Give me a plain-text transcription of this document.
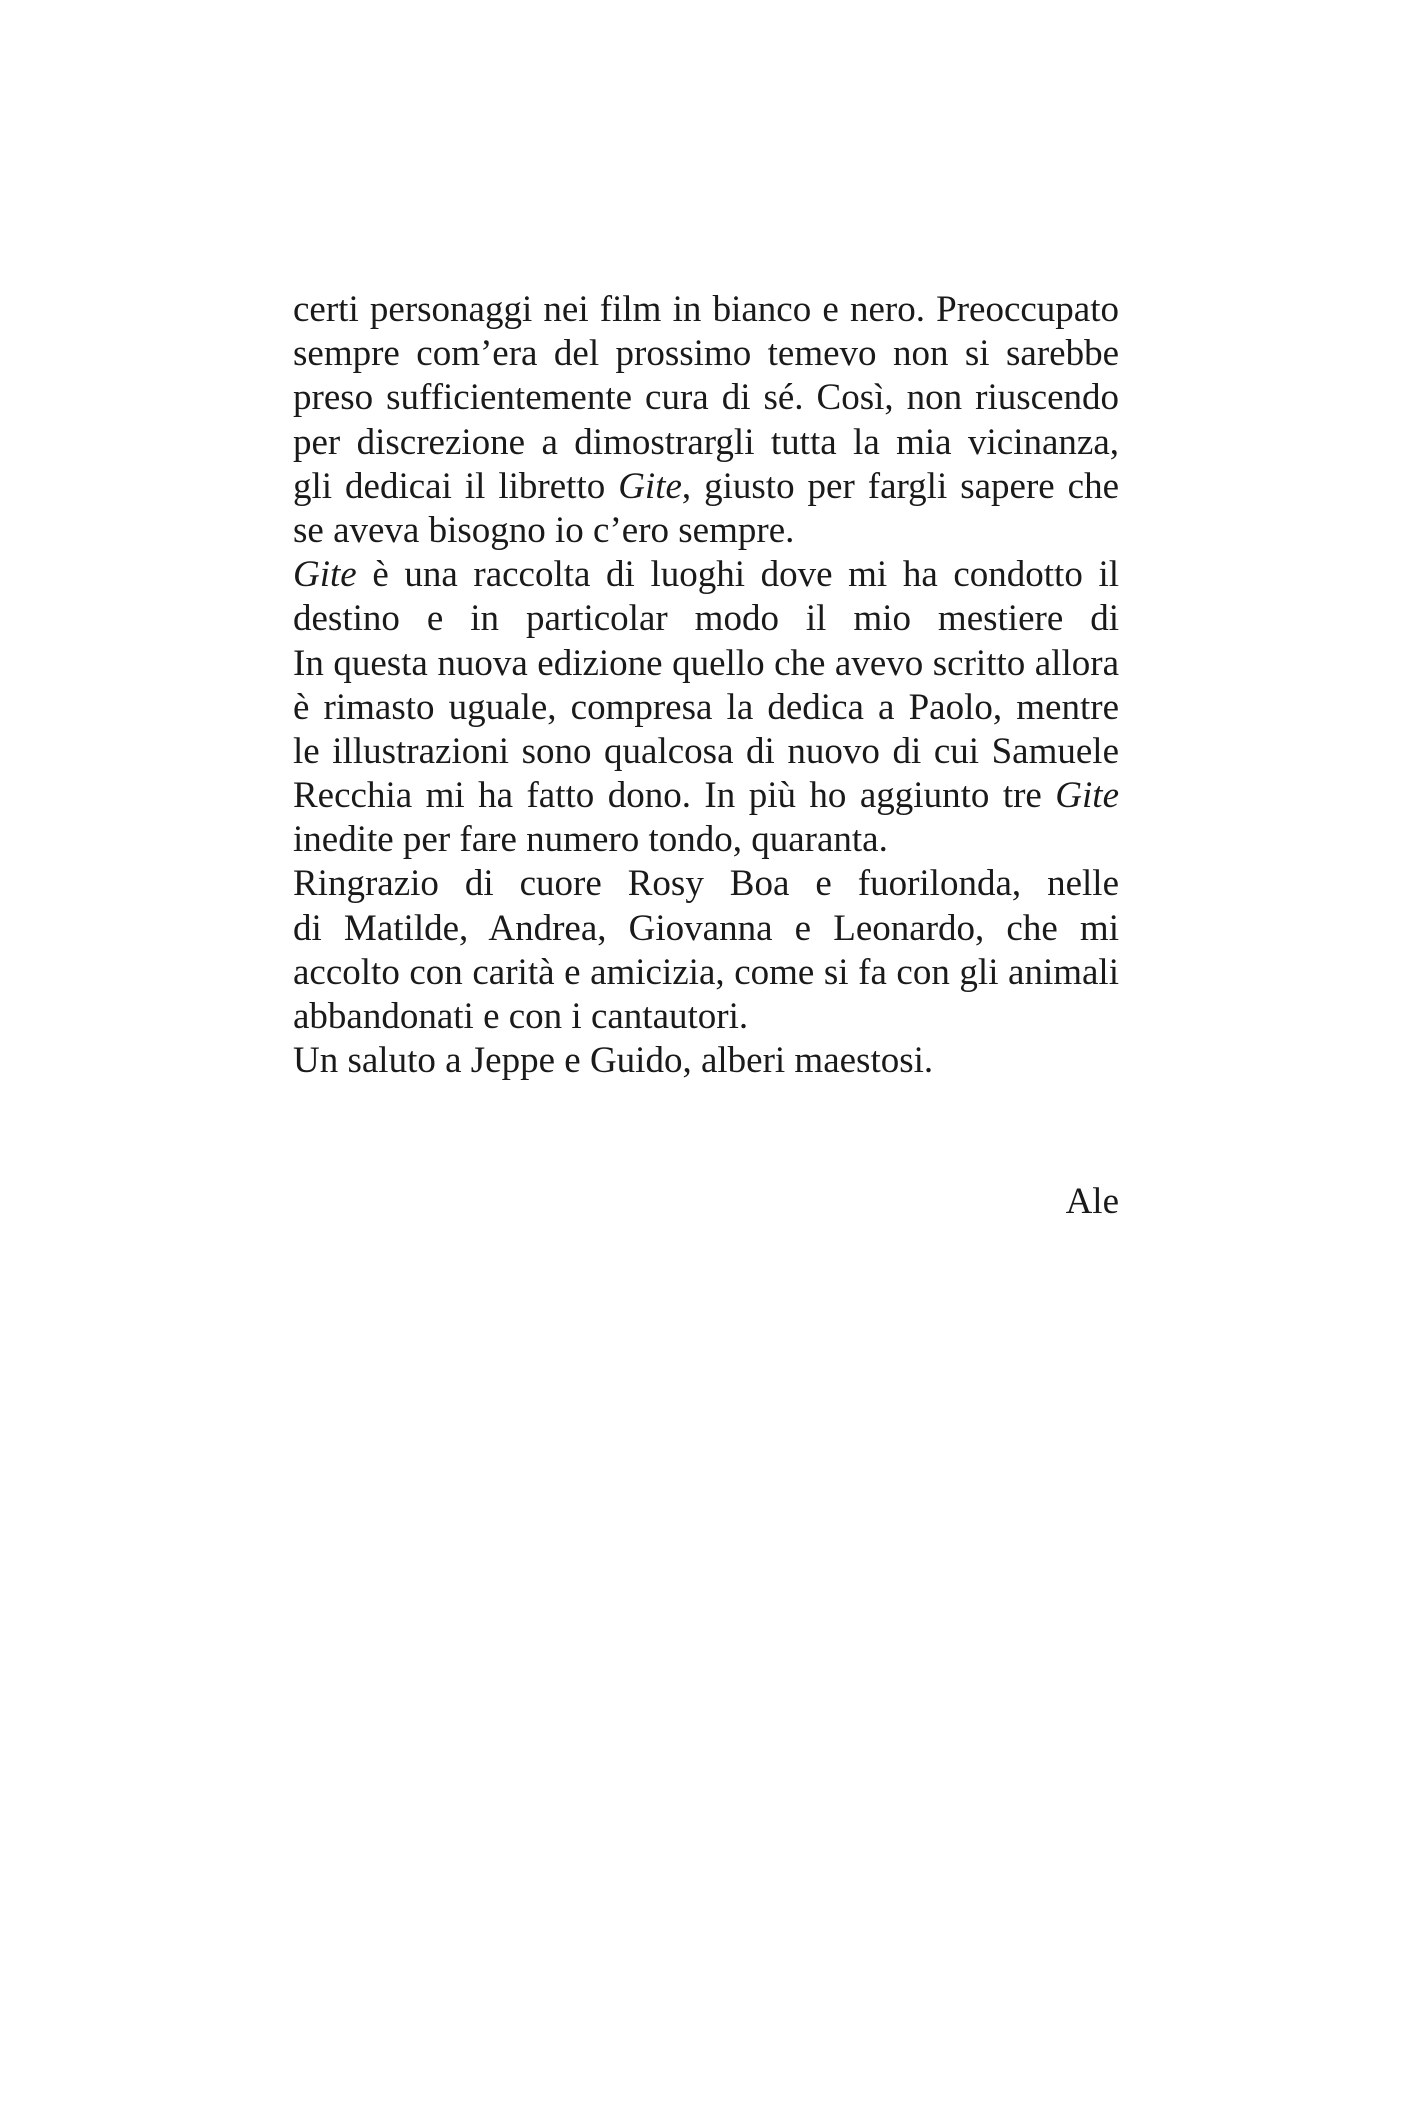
certi personaggi nei film in bianco e nero. Preoccupato
sempre com’era del prossimo temevo non si sarebbe
preso sufficientemente cura di sé. Così, non riuscendo
per discrezione a dimostrargli tutta la mia vicinanza,
gli dedicai il libretto Gite, giusto per fargli sapere che
se aveva bisogno io c’ero sempre.
Gite è una raccolta di luoghi dove mi ha condotto il
destino e in particolar modo il mio mestiere di
In questa nuova edizione quello che avevo scritto allora
è rimasto uguale, compresa la dedica a Paolo, mentre
le illustrazioni sono qualcosa di nuovo di cui Samuele
Recchia mi ha fatto dono. In più ho aggiunto tre Gite
inedite per fare numero tondo, quaranta.
Ringrazio di cuore Rosy Boa e fuorilonda, nelle
di Matilde, Andrea, Giovanna e Leonardo, che mi
accolto con carità e amicizia, come si fa con gli animali
abbandonati e con i cantautori.
Un saluto a Jeppe e Guido, alberi maestosi.
Ale
